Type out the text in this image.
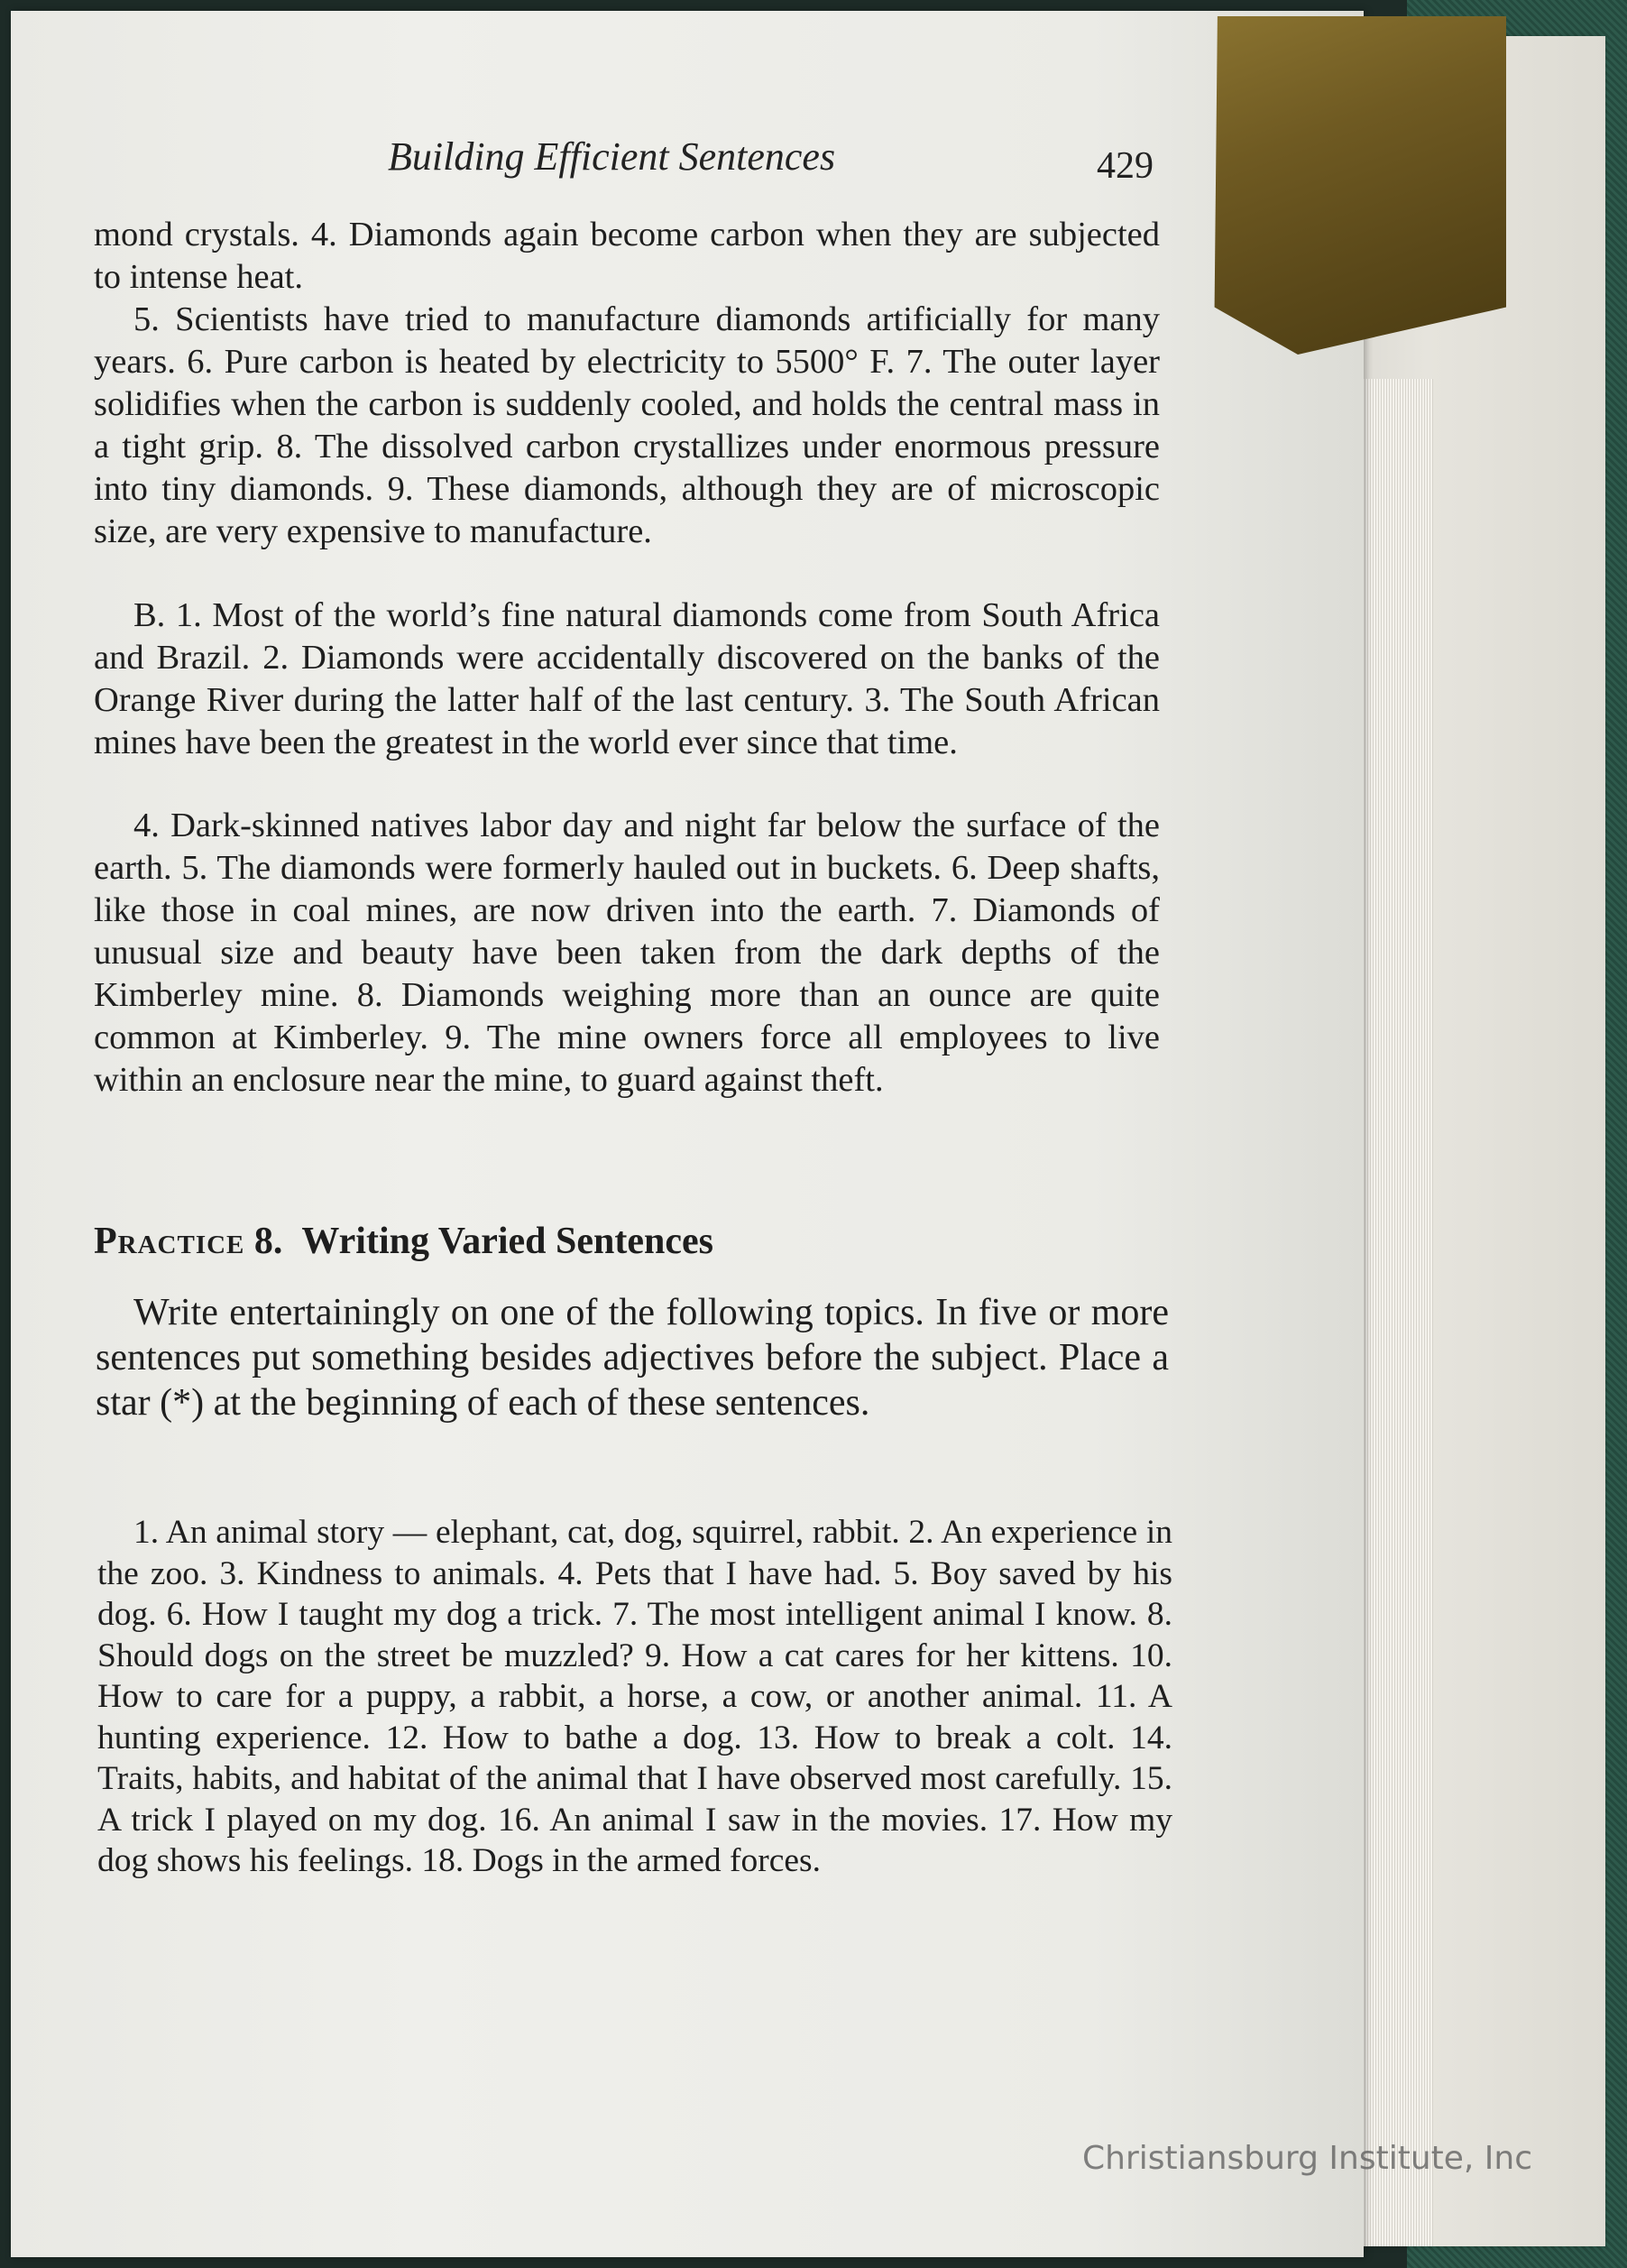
Building Efficient Sentences	429

mond crystals. 4. Diamonds again become carbon when they are subjected to intense heat.

5. Scientists have tried to manufacture diamonds artificially for many years. 6. Pure carbon is heated by electricity to 5500° F. 7. The outer layer solidifies when the carbon is suddenly cooled, and holds the central mass in a tight grip. 8. The dissolved carbon crystallizes under enormous pressure into tiny diamonds. 9. These diamonds, although they are of microscopic size, are very expensive to manufacture.

B. 1. Most of the world’s fine natural diamonds come from South Africa and Brazil. 2. Diamonds were accidentally discovered on the banks of the Orange River during the latter half of the last century. 3. The South African mines have been the greatest in the world ever since that time.

4. Dark-skinned natives labor day and night far below the surface of the earth. 5. The diamonds were formerly hauled out in buckets. 6. Deep shafts, like those in coal mines, are now driven into the earth. 7. Diamonds of unusual size and beauty have been taken from the dark depths of the Kimberley mine. 8. Diamonds weighing more than an ounce are quite common at Kimberley. 9. The mine owners force all employees to live within an enclosure near the mine, to guard against theft.

Practice 8. Writing Varied Sentences

Write entertainingly on one of the following topics. In five or more sentences put something besides adjectives before the subject. Place a star (*) at the beginning of each of these sentences.

1. An animal story — elephant, cat, dog, squirrel, rabbit. 2. An experience in the zoo. 3. Kindness to animals. 4. Pets that I have had. 5. Boy saved by his dog. 6. How I taught my dog a trick. 7. The most intelligent animal I know. 8. Should dogs on the street be muzzled? 9. How a cat cares for her kittens. 10. How to care for a puppy, a rabbit, a horse, a cow, or another animal. 11. A hunting experience. 12. How to bathe a dog. 13. How to break a colt. 14. Traits, habits, and habitat of the animal that I have observed most carefully. 15. A trick I played on my dog. 16. An animal I saw in the movies. 17. How my dog shows his feelings. 18. Dogs in the armed forces.

Christiansburg Institute, Inc
